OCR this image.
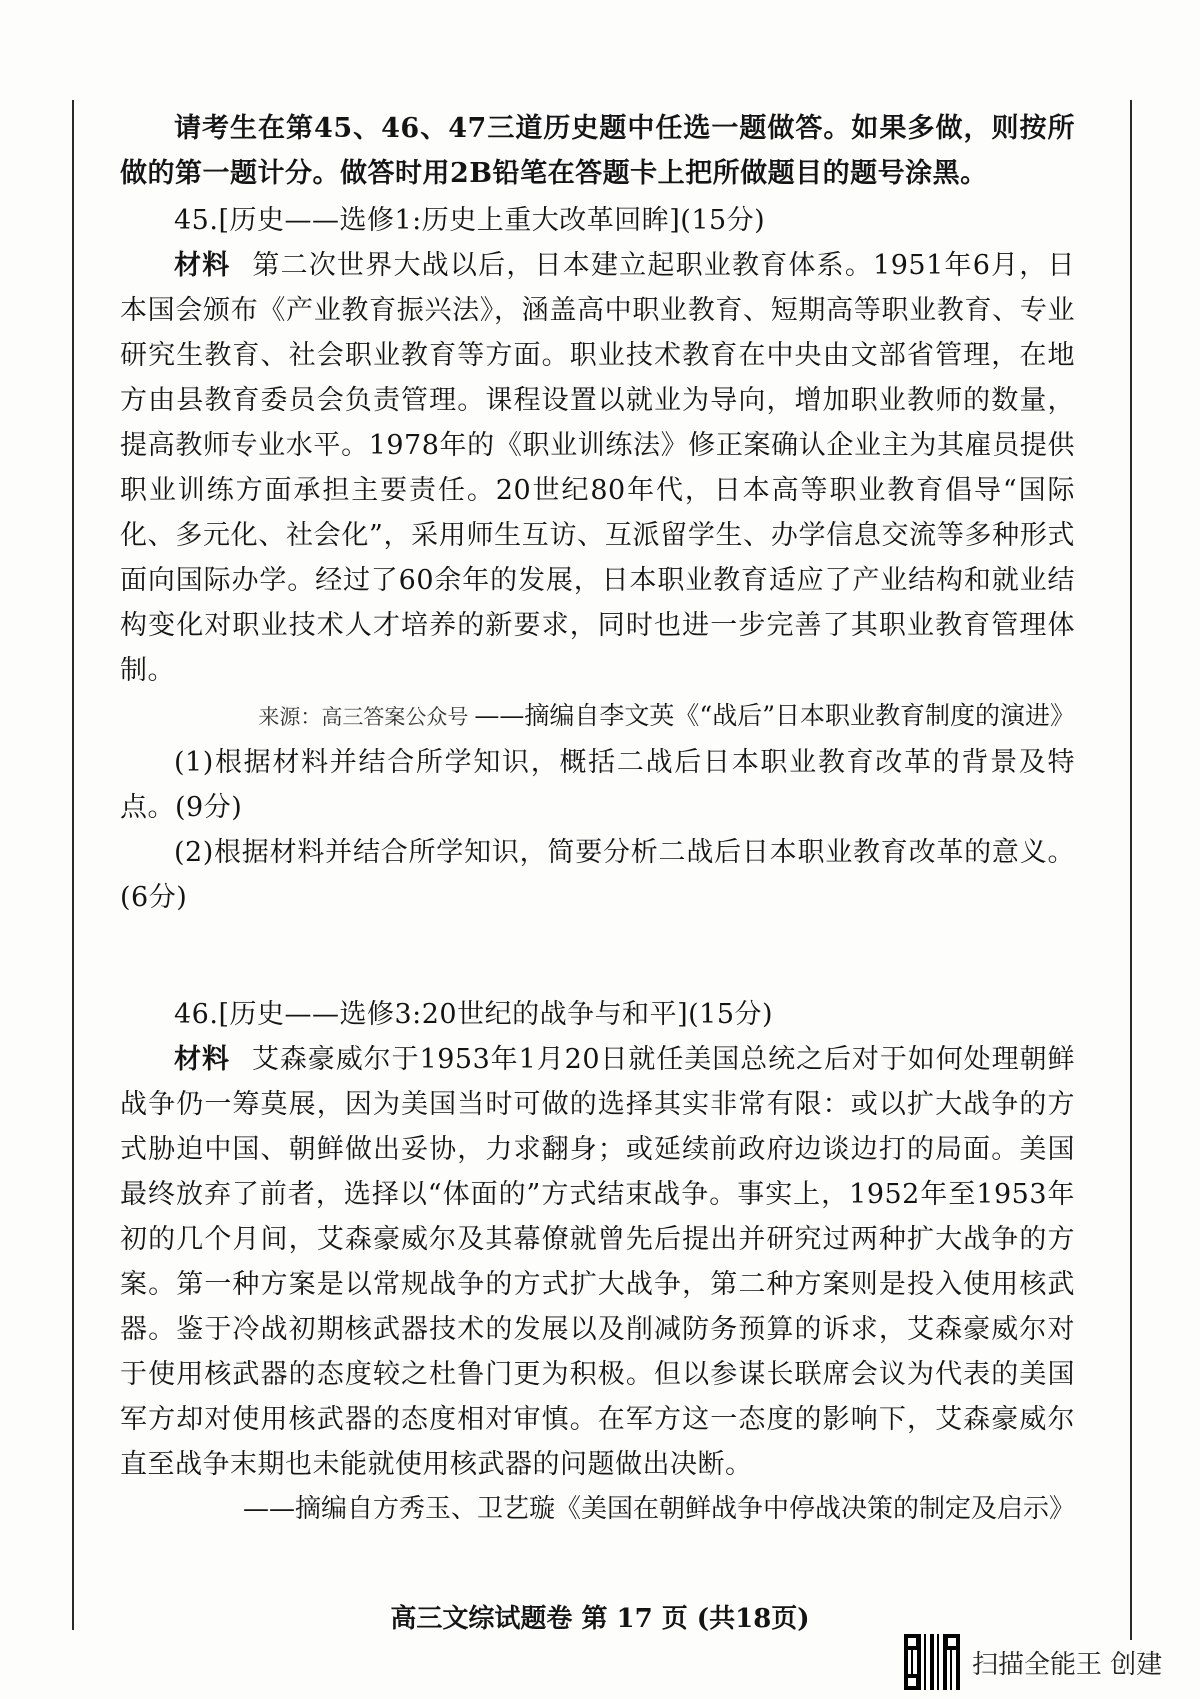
请考生在第45、46、47三道历史题中任选一题做答。如果多做，则按所做的第一题计分。做答时用2B铅笔在答题卡上把所做题目的题号涂黑。

45.[历史——选修1:历史上重大改革回眸](15分)

材料 第二次世界大战以后，日本建立起职业教育体系。1951年6月，日本国会颁布《产业教育振兴法》，涵盖高中职业教育、短期高等职业教育、专业研究生教育、社会职业教育等方面。职业技术教育在中央由文部省管理，在地方由县教育委员会负责管理。课程设置以就业为导向，增加职业教师的数量，提高教师专业水平。1978年的《职业训练法》修正案确认企业主为其雇员提供职业训练方面承担主要责任。20世纪80年代，日本高等职业教育倡导“国际化、多元化、社会化”，采用师生互访、互派留学生、办学信息交流等多种形式面向国际办学。经过了60余年的发展，日本职业教育适应了产业结构和就业结构变化对职业技术人才培养的新要求，同时也进一步完善了其职业教育管理体制。

来源：高三答案公众号 ——摘编自李文英《“战后”日本职业教育制度的演进》

(1)根据材料并结合所学知识，概括二战后日本职业教育改革的背景及特点。(9分)

(2)根据材料并结合所学知识，简要分析二战后日本职业教育改革的意义。(6分)

46.[历史——选修3:20世纪的战争与和平](15分)

材料 艾森豪威尔于1953年1月20日就任美国总统之后对于如何处理朝鲜战争仍一筹莫展，因为美国当时可做的选择其实非常有限：或以扩大战争的方式胁迫中国、朝鲜做出妥协，力求翻身；或延续前政府边谈边打的局面。美国最终放弃了前者，选择以“体面的”方式结束战争。事实上，1952年至1953年初的几个月间，艾森豪威尔及其幕僚就曾先后提出并研究过两种扩大战争的方案。第一种方案是以常规战争的方式扩大战争，第二种方案则是投入使用核武器。鉴于冷战初期核武器技术的发展以及削减防务预算的诉求，艾森豪威尔对于使用核武器的态度较之杜鲁门更为积极。但以参谋长联席会议为代表的美国军方却对使用核武器的态度相对审慎。在军方这一态度的影响下，艾森豪威尔直至战争末期也未能就使用核武器的问题做出决断。

——摘编自方秀玉、卫艺璇《美国在朝鲜战争中停战决策的制定及启示》

高三文综试题卷 第 17 页 (共18页)
扫描全能王 创建
